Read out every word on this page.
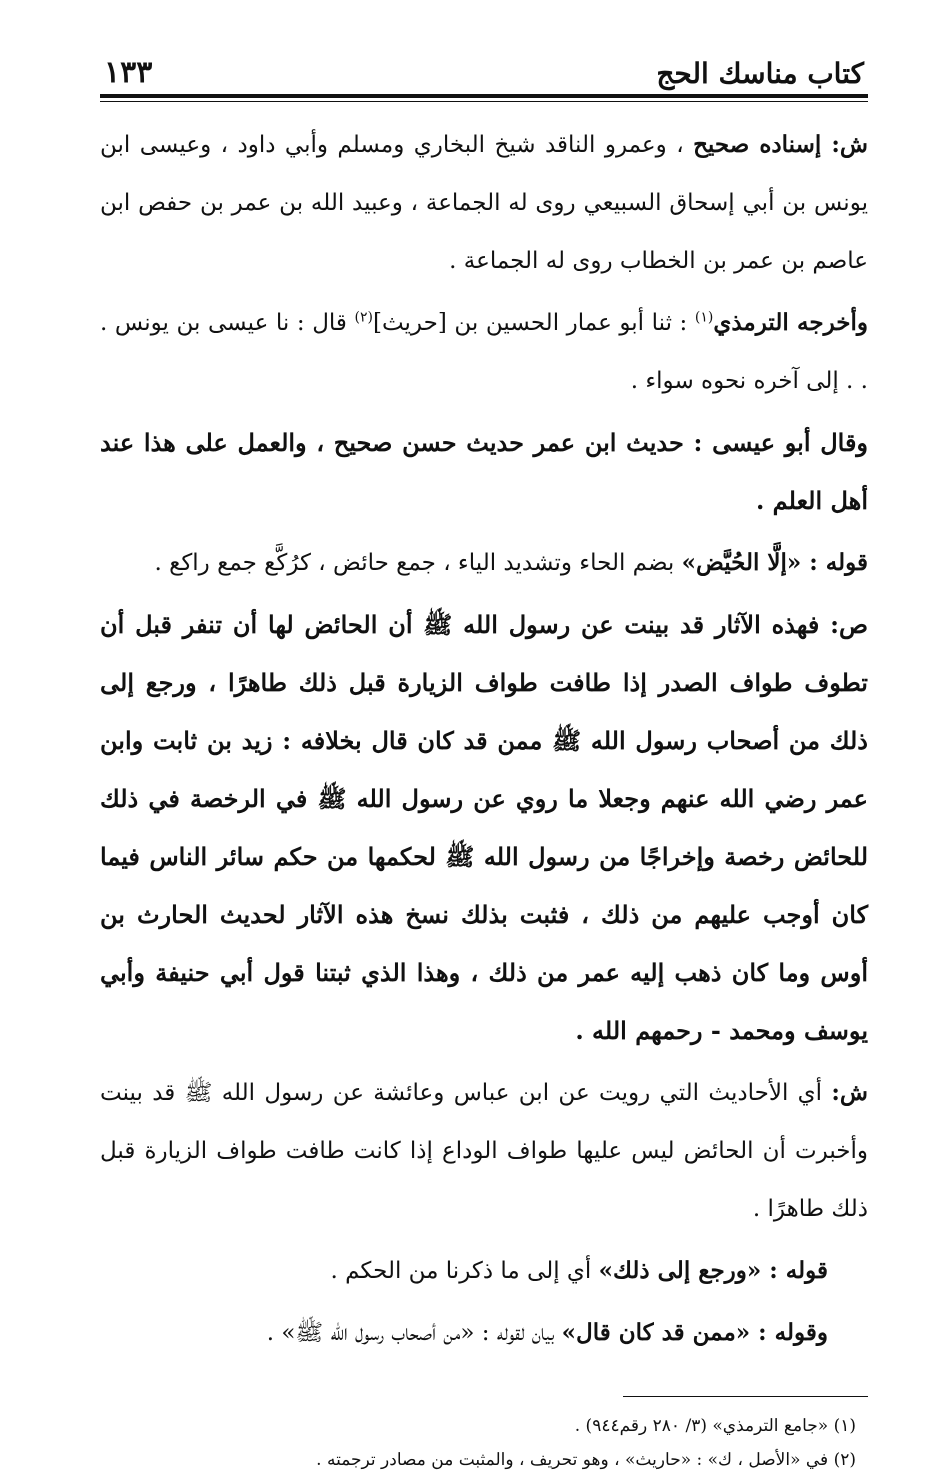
كتاب مناسك الحج
١٣٣

ش: إسناده صحيح ، وعمرو الناقد شيخ البخاري ومسلم وأبي داود ، وعيسى ابن يونس بن أبي إسحاق السبيعي روى له الجماعة ، وعبيد الله بن عمر بن حفص ابن عاصم بن عمر بن الخطاب روى له الجماعة .

وأخرجه الترمذي$^{(١)}$ : ثنا أبو عمار الحسين بن [حريث]$^{(٢)}$ قال : نا عيسى بن يونس . . . إلى آخره نحوه سواء .

وقال أبو عيسى : حديث ابن عمر حديث حسن صحيح ، والعمل على هذا عند أهل العلم .

قوله : «إلَّا الحُيَّض» بضم الحاء وتشديد الياء ، جمع حائض ، كرُكَّع جمع راكع .

ص: فهذه الآثار قد بينت عن رسول الله ﷺ أن الحائض لها أن تنفر قبل أن تطوف طواف الصدر إذا طافت طواف الزيارة قبل ذلك طاهرًا ، ورجع إلى ذلك من أصحاب رسول الله ﷺ ممن قد كان قال بخلافه : زيد بن ثابت وابن عمر رضي الله عنهم وجعلا ما روي عن رسول الله ﷺ في الرخصة في ذلك للحائض رخصة وإخراجًا من رسول الله ﷺ لحكمها من حكم سائر الناس فيما كان أوجب عليهم من ذلك ، فثبت بذلك نسخ هذه الآثار لحديث الحارث بن أوس وما كان ذهب إليه عمر من ذلك ، وهذا الذي ثبتنا قول أبي حنيفة وأبي يوسف ومحمد - رحمهم الله .

ش: أي الأحاديث التي رويت عن ابن عباس وعائشة عن رسول الله ﷺ قد بينت وأخبرت أن الحائض ليس عليها طواف الوداع إذا كانت طافت طواف الزيارة قبل ذلك طاهرًا .

قوله : «ورجع إلى ذلك» أي إلى ما ذكرنا من الحكم .

وقوله : «ممن قد كان قال» بيان لقوله : «من أصحاب رسول الله ﷺ» .

(١) «جامع الترمذي» (٣/ ٢٨٠ رقم٩٤٤) .
(٢) في «الأصل ، ك» : «حاريث» ، وهو تحريف ، والمثبت من مصادر ترجمته .
